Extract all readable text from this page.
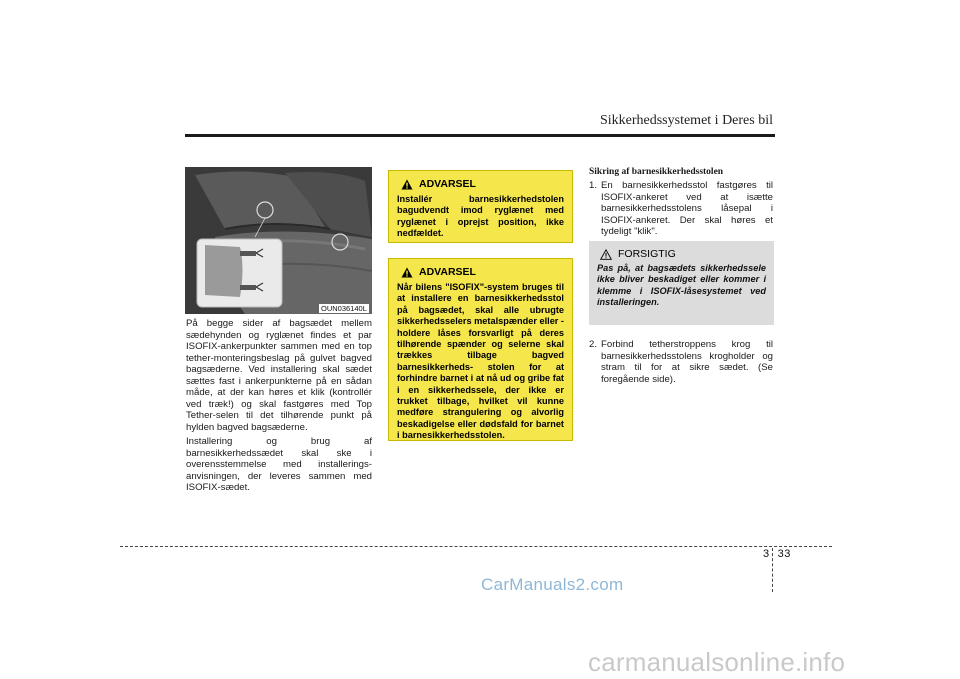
Sikkerhedssystemet i Deres bil
OUN036140L

På begge sider af bagsædet mellem sædehynden og ryglænet findes et par ISOFIX-ankerpunkter sammen med en top tether-monteringsbeslag på gulvet bagved bagsæderne. Ved installering skal sædet sættes fast i ankerpunkterne på en sådan måde, at der kan høres et klik (kontrollér ved træk!) og skal fastgøres med Top Tether-selen til det tilhørende punkt på hylden bagved bagsæderne.

Installering og brug af barnesikkerhedssædet skal ske i overensstemmelse med installerings- anvisningen, der leveres sammen med ISOFIX-sædet.

ADVARSEL
Installér barnesikkerhedstolen bagudvendt imod ryglænet med ryglænet i oprejst position, ikke nedfældet.
ADVARSEL
Når bilens "ISOFIX"-system bruges til at installere en barnesikkerhedsstol på bagsædet, skal alle ubrugte sikkerhedsselers metalspænder eller -holdere låses forsvarligt på deres tilhørende spænder og selerne skal trækkes tilbage bagved barnesikkerheds- stolen for at forhindre barnet i at nå ud og gribe fat i en sikkerhedssele, der ikke er trukket tilbage, hvilket vil kunne medføre strangulering og alvorlig beskadigelse eller dødsfald for barnet i barnesikkerhedsstolen.
Sikring af barnesikkerhedsstolen
1. En barnesikkerhedsstol fastgøres til ISOFIX-ankeret ved at isætte barnesikkerhedsstolens låsepal i ISOFIX-ankeret. Der skal høres et tydeligt "klik".
FORSIGTIG
Pas på, at bagsædets sikkerhedssele ikke bliver beskadiget eller kommer i klemme i ISOFIX-låsesystemet ved installeringen.
2. Forbind tetherstroppens krog til barnesikkerhedsstolens krogholder og stram til for at sikre sædet. (Se foregående side).
3 33
CarManuals2.com
carmanualsonline.info
